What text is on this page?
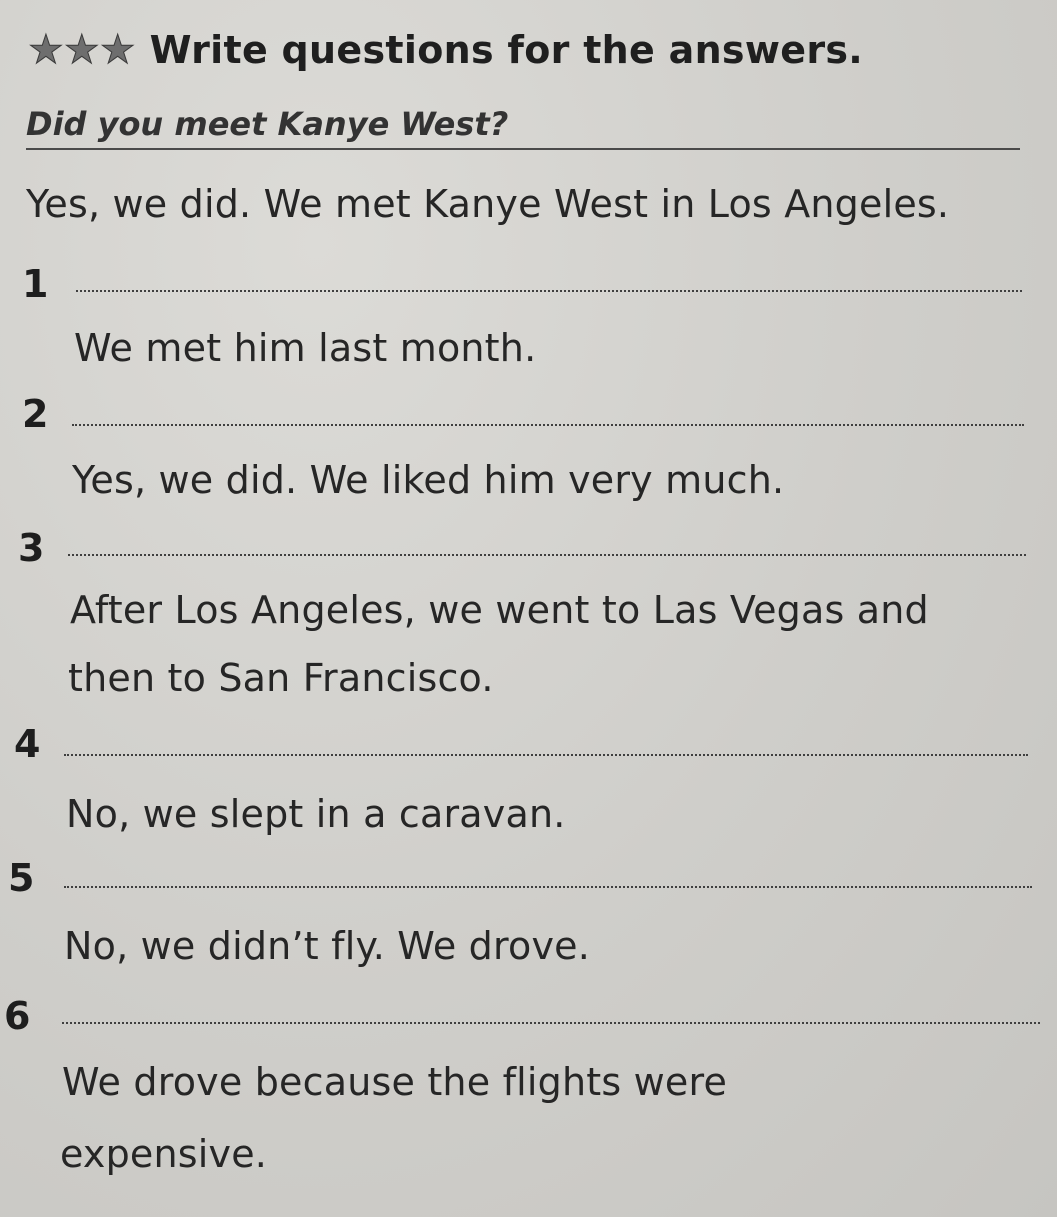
★ ★ ★ Write questions for the answers.
Did you meet Kanye West?
Yes, we did. We met Kanye West in Los Angeles.
1
We met him last month.
2
Yes, we did. We liked him very much.
3
After Los Angeles, we went to Las Vegas and
then to San Francisco.
4
No, we slept in a caravan.
5
No, we didn’t fly. We drove.
6
We drove because the flights were
expensive.
